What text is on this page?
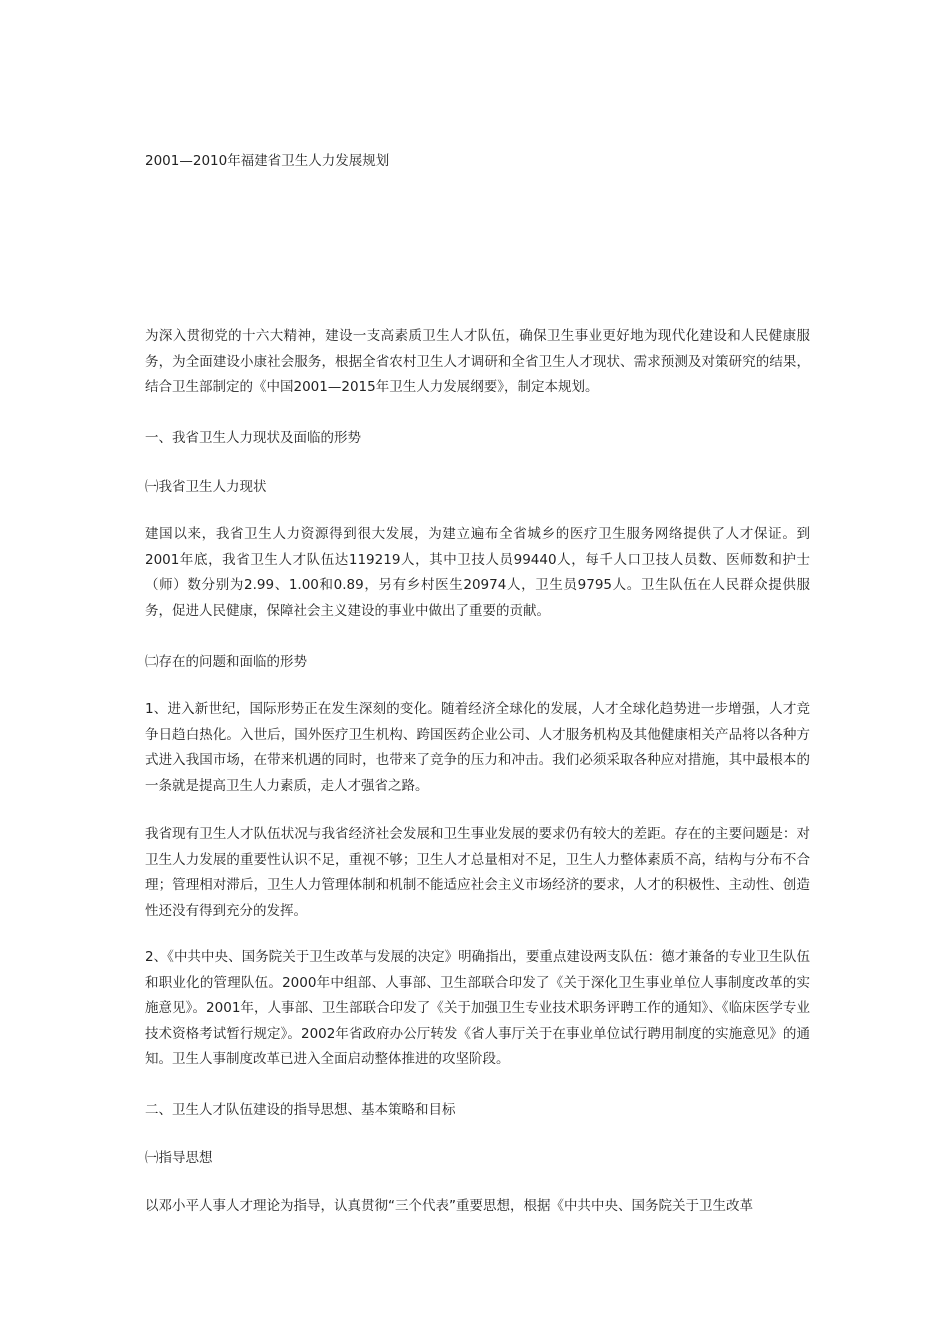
2001—2010年福建省卫生人力发展规划
为深入贯彻党的十六大精神，建设一支高素质卫生人才队伍，确保卫生事业更好地为现代化建设和人民健康服务，为全面建设小康社会服务，根据全省农村卫生人才调研和全省卫生人才现状、需求预测及对策研究的结果，结合卫生部制定的《中国2001—2015年卫生人力发展纲要》，制定本规划。
一、我省卫生人力现状及面临的形势
㈠我省卫生人力现状
建国以来，我省卫生人力资源得到很大发展，为建立遍布全省城乡的医疗卫生服务网络提供了人才保证。到2001年底，我省卫生人才队伍达119219人，其中卫技人员99440人，每千人口卫技人员数、医师数和护士（师）数分别为2.99、1.00和0.89，另有乡村医生20974人，卫生员9795人。卫生队伍在人民群众提供服务，促进人民健康，保障社会主义建设的事业中做出了重要的贡献。
㈡存在的问题和面临的形势
1、进入新世纪，国际形势正在发生深刻的变化。随着经济全球化的发展，人才全球化趋势进一步增强，人才竞争日趋白热化。入世后，国外医疗卫生机构、跨国医药企业公司、人才服务机构及其他健康相关产品将以各种方式进入我国市场，在带来机遇的同时，也带来了竞争的压力和冲击。我们必须采取各种应对措施，其中最根本的一条就是提高卫生人力素质，走人才强省之路。
我省现有卫生人才队伍状况与我省经济社会发展和卫生事业发展的要求仍有较大的差距。存在的主要问题是：对卫生人力发展的重要性认识不足，重视不够；卫生人才总量相对不足，卫生人力整体素质不高，结构与分布不合理；管理相对滞后，卫生人力管理体制和机制不能适应社会主义市场经济的要求，人才的积极性、主动性、创造性还没有得到充分的发挥。
2、《中共中央、国务院关于卫生改革与发展的决定》明确指出，要重点建设两支队伍：德才兼备的专业卫生队伍和职业化的管理队伍。2000年中组部、人事部、卫生部联合印发了《关于深化卫生事业单位人事制度改革的实施意见》。2001年，人事部、卫生部联合印发了《关于加强卫生专业技术职务评聘工作的通知》、《临床医学专业技术资格考试暂行规定》。2002年省政府办公厅转发《省人事厅关于在事业单位试行聘用制度的实施意见》的通知。卫生人事制度改革已进入全面启动整体推进的攻坚阶段。
二、卫生人才队伍建设的指导思想、基本策略和目标
㈠指导思想
以邓小平人事人才理论为指导，认真贯彻“三个代表”重要思想，根据《中共中央、国务院关于卫生改革
